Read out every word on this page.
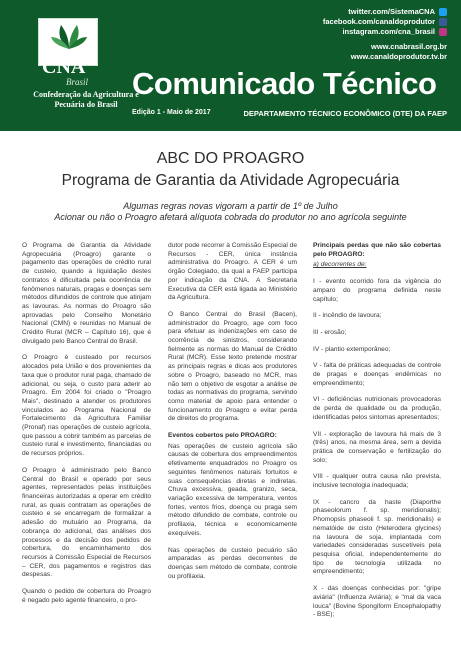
CNA
Brasil
Confederação da Agricultura e Pecuária do Brasil
twitter.com/SistemaCNA
facebook.com/canaldoprodutor
instagram.com/cna_brasil
www.cnabrasil.org.br
www.canaldoprodutor.tv.br
Comunicado Técnico
Edição 1 - Maio de 2017	DEPARTAMENTO TÉCNICO ECONÔMICO (DTE) DA FAEP
ABC DO PROAGRO
Programa de Garantia da Atividade Agropecuária
Algumas regras novas vigoram a partir de 1º de Julho
Acionar ou não o Proagro afetará alíquota cobrada do produtor no ano agrícola seguinte

O Programa de Garantia da Atividade Agropecuária (Proagro) garante o pagamento das operações de crédito rural de custeio, quando a liquidação destes contratos é dificultada pela ocorrência de fenômenos naturais, pragas e doenças sem métodos difundidos de controle que atinjam as lavouras. As normas do Proagro são aprovadas pelo Conselho Monetário Nacional (CMN) e reunidas no Manual de Crédito Rural (MCR – Capítulo 16), que é divulgado pelo Banco Central do Brasil.

O Proagro é custeado por recursos alocados pela União e dos provenientes da taxa que o produtor rural paga, chamado de adicional, ou seja, o custo para aderir ao Proagro. Em 2004 foi criado o "Proagro Mais", destinado a atender os produtores vinculados ao Programa Nacional de Fortalecimento da Agricultura Familiar (Pronaf) nas operações de custeio agrícola, que passou a cobrir também as parcelas de custeio rural e investimento, financiadas ou de recursos próprios.

O Proagro é administrado pelo Banco Central do Brasil e operado por seus agentes, representados pelas instituições financeiras autorizadas a operar em crédito rural, as quais contratam as operações de custeio e se encarregam de formalizar a adesão do mutuário ao Programa, da cobrança do adicional, das análises dos processos e da decisão dos pedidos de cobertura, do encaminhamento dos recursos à Comissão Especial de Recursos – CER, dos pagamentos e registros das despesas.

Quando o pedido de cobertura do Proagro é negado pelo agente financeiro, o pro-

dutor pode recorrer à Comissão Especial de Recursos - CER, única instância administrativa do Proagro. A CER é um órgão Colegiado, da qual a FAEP participa por indicação da CNA. A Secretaria Executiva da CER está ligada ao Ministério da Agricultura.

O Banco Central do Brasil (Bacen), administrador do Proagro, age com foco para efetuar as indenizações em caso de ocorrência de sinistros, considerando fielmente as normas do Manual de Crédito Rural (MCR). Esse texto pretende mostrar as principais regras e dicas aos produtores sobre o Proagro, baseado no MCR, mas não tem o objetivo de esgotar a análise de todas as normativas do programa, servindo como material de apoio para entender o funcionamento do Proagro e evitar perda de direitos do programa.

Eventos cobertos pelo PROAGRO:

Nas operações de custeio agrícola são causas de cobertura dos empreendimentos efetivamente enquadrados no Proagro os seguintes fenômenos naturais fortuitos e suas consequências diretas e indiretas. Chuva excessiva, geada, granizo, seca, variação excessiva de temperatura, ventos fortes, ventos frios, doença ou praga sem método difundido de combate, controle ou profilaxia, técnica e economicamente exequíveis.

Nas operações de custeio pecuário são amparadas as perdas decorrentes de doenças sem método de combate, controle ou profilaxia.

Principais perdas que não são cobertas pelo PROAGRO:

a) decorrentes de:

I - evento ocorrido fora da vigência do amparo do programa definida neste capítulo;

II - incêndio de lavoura;

III - erosão;

IV - plantio extemporâneo;

V - falta de práticas adequadas de controle de pragas e doenças endêmicas no empreendimento;

VI - deficiências nutricionais provocadoras de perda de qualidade ou da produção, identificadas pelos sintomas apresentados;

VII - exploração de lavoura há mais de 3 (três) anos, na mesma área, sem a devida prática de conservação e fertilização do solo;

VIII - qualquer outra causa não prevista, inclusive tecnologia inadequada;

IX - cancro da haste (Diaporthe phaseolorum f. sp. meridionalis); Phomopsis phaseoli f. sp. meridionalis) e nematóide de cisto (Heterodera glycines) na lavoura de soja, implantada com variedades consideradas suscetíveis pela pesquisa oficial, independentemente do tipo de tecnologia utilizada no empreendimento;

X - das doenças conhecidas por: "gripe aviária" (Influenza Aviária); e "mal da vaca louca" (Bovine Spongiform Encephalopathy - BSE);
